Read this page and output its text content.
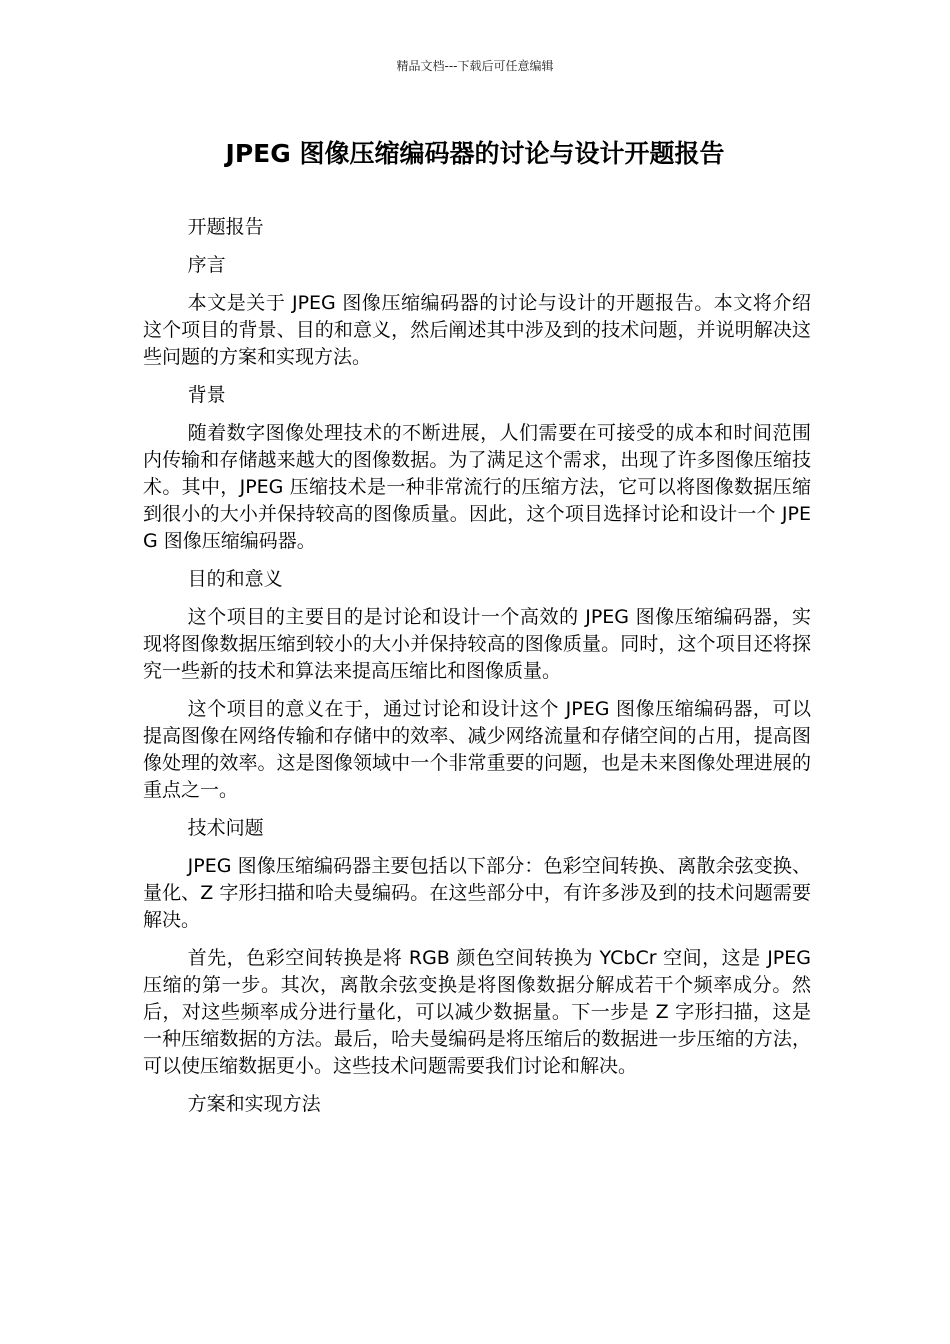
精品文档---下载后可任意编辑
JPEG 图像压缩编码器的讨论与设计开题报告

开题报告

序言

本文是关于 JPEG 图像压缩编码器的讨论与设计的开题报告。本文将介绍这个项目的背景、目的和意义，然后阐述其中涉及到的技术问题，并说明解决这些问题的方案和实现方法。

背景

随着数字图像处理技术的不断进展，人们需要在可接受的成本和时间范围内传输和存储越来越大的图像数据。为了满足这个需求，出现了许多图像压缩技术。其中，JPEG 压缩技术是一种非常流行的压缩方法，它可以将图像数据压缩到很小的大小并保持较高的图像质量。因此，这个项目选择讨论和设计一个 JPEG 图像压缩编码器。

目的和意义

这个项目的主要目的是讨论和设计一个高效的 JPEG 图像压缩编码器，实现将图像数据压缩到较小的大小并保持较高的图像质量。同时，这个项目还将探究一些新的技术和算法来提高压缩比和图像质量。

这个项目的意义在于，通过讨论和设计这个 JPEG 图像压缩编码器，可以提高图像在网络传输和存储中的效率、减少网络流量和存储空间的占用，提高图像处理的效率。这是图像领域中一个非常重要的问题，也是未来图像处理进展的重点之一。

技术问题

JPEG 图像压缩编码器主要包括以下部分：色彩空间转换、离散余弦变换、量化、Z 字形扫描和哈夫曼编码。在这些部分中，有许多涉及到的技术问题需要解决。

首先，色彩空间转换是将 RGB 颜色空间转换为 YCbCr 空间，这是 JPEG 压缩的第一步。其次，离散余弦变换是将图像数据分解成若干个频率成分。然后，对这些频率成分进行量化，可以减少数据量。下一步是 Z 字形扫描，这是一种压缩数据的方法。最后，哈夫曼编码是将压缩后的数据进一步压缩的方法，可以使压缩数据更小。这些技术问题需要我们讨论和解决。

方案和实现方法
